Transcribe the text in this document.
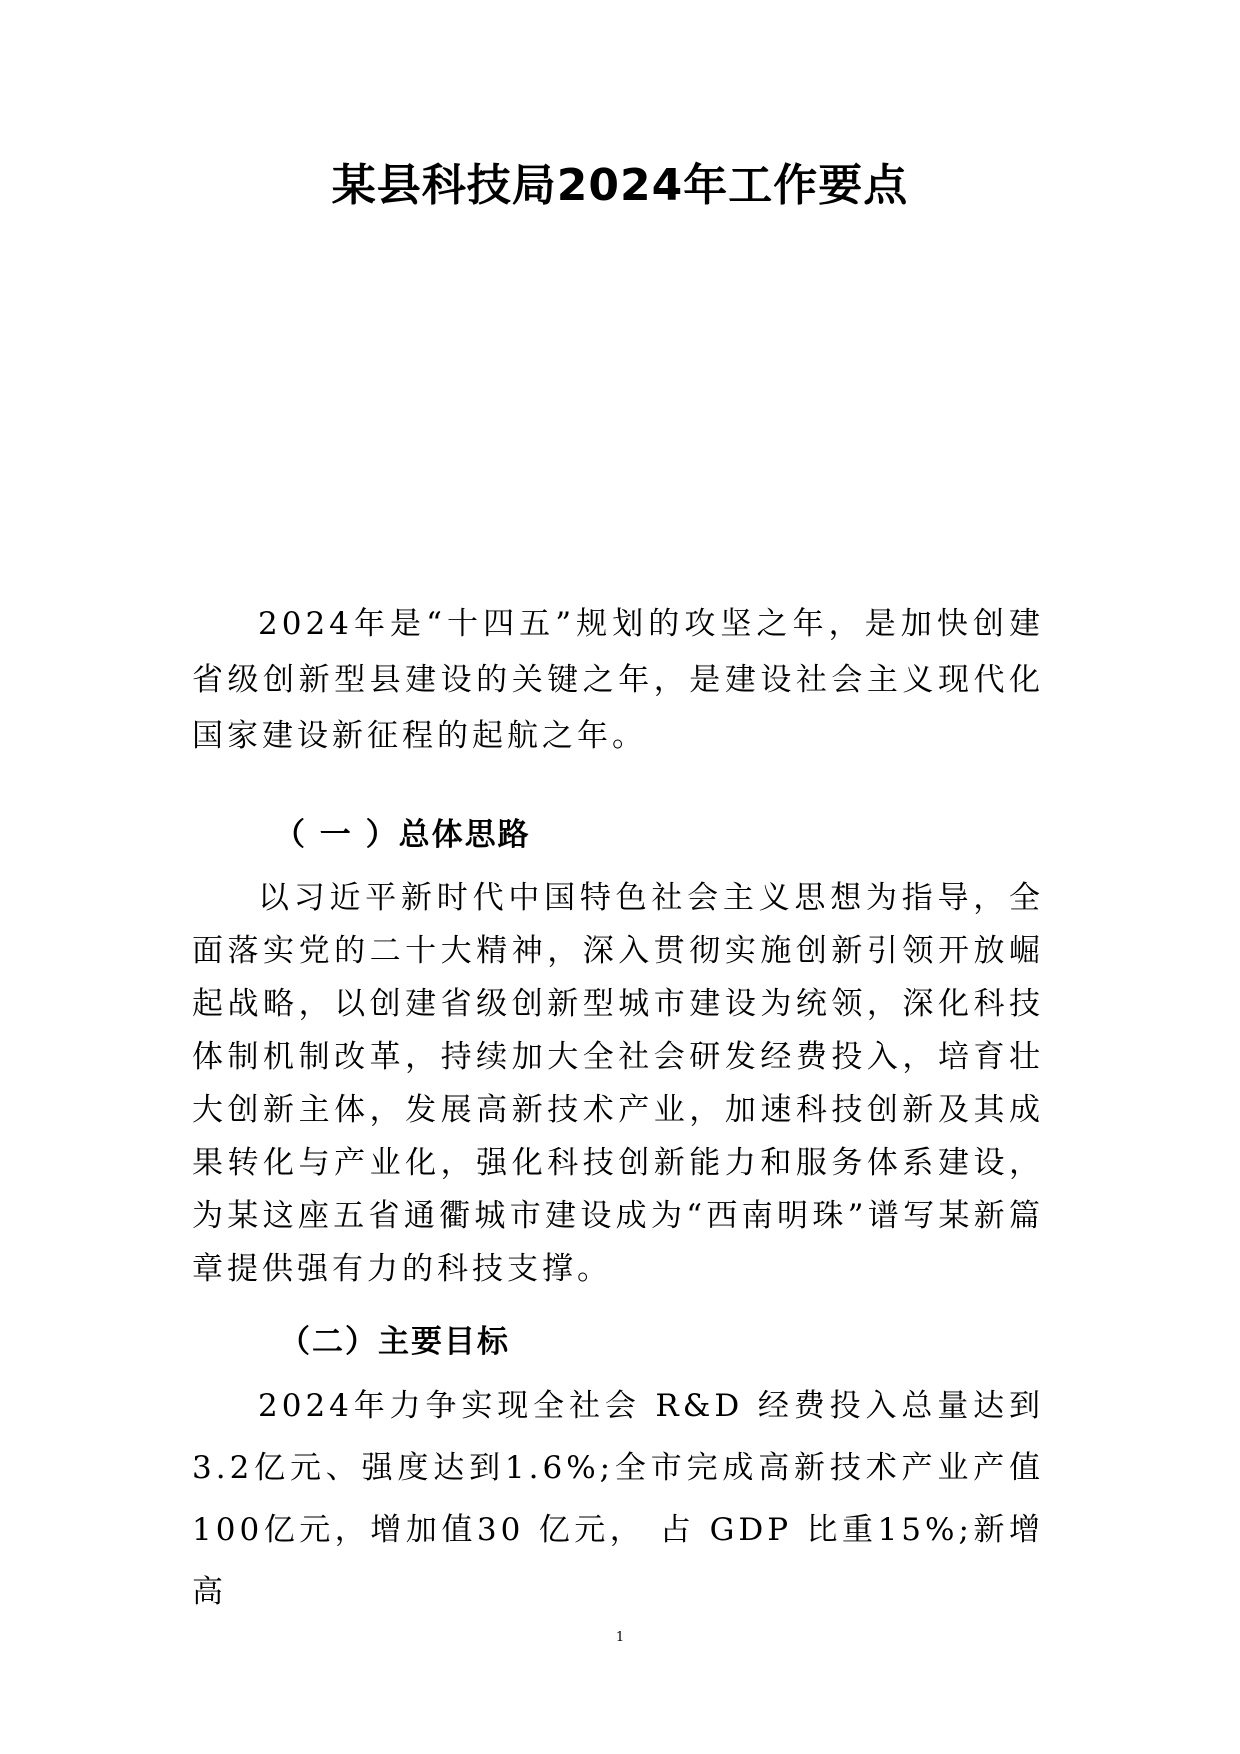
某县科技局2024年工作要点

2024年是“十四五”规划的攻坚之年，是加快创建 省级创新型县建设的关键之年，是建设社会主义现代化国家建设新征程的起航之年。

（ 一 ）总体思路

以习近平新时代中国特色社会主义思想为指导，全面落实党的二十大精神，深入贯彻实施创新引领开放崛起战略，以创建省级创新型城市建设为统领，深化科技体制机制改革，持续加大全社会研发经费投入，培育壮大创新主体，发展高新技术产业，加速科技创新及其成果转化与产业化，强化科技创新能力和服务体系建设，为某这座五省通衢城市建设成为“西南明珠”谱写某新篇章提供强有力的科技支撑。

（二）主要目标

2024年力争实现全社会 R&D 经费投入总量达到3.2亿元、强度达到1.6%;全市完成高新技术产业产值100亿元，增加值30 亿元， 占 GDP 比重15%;新增高

1
